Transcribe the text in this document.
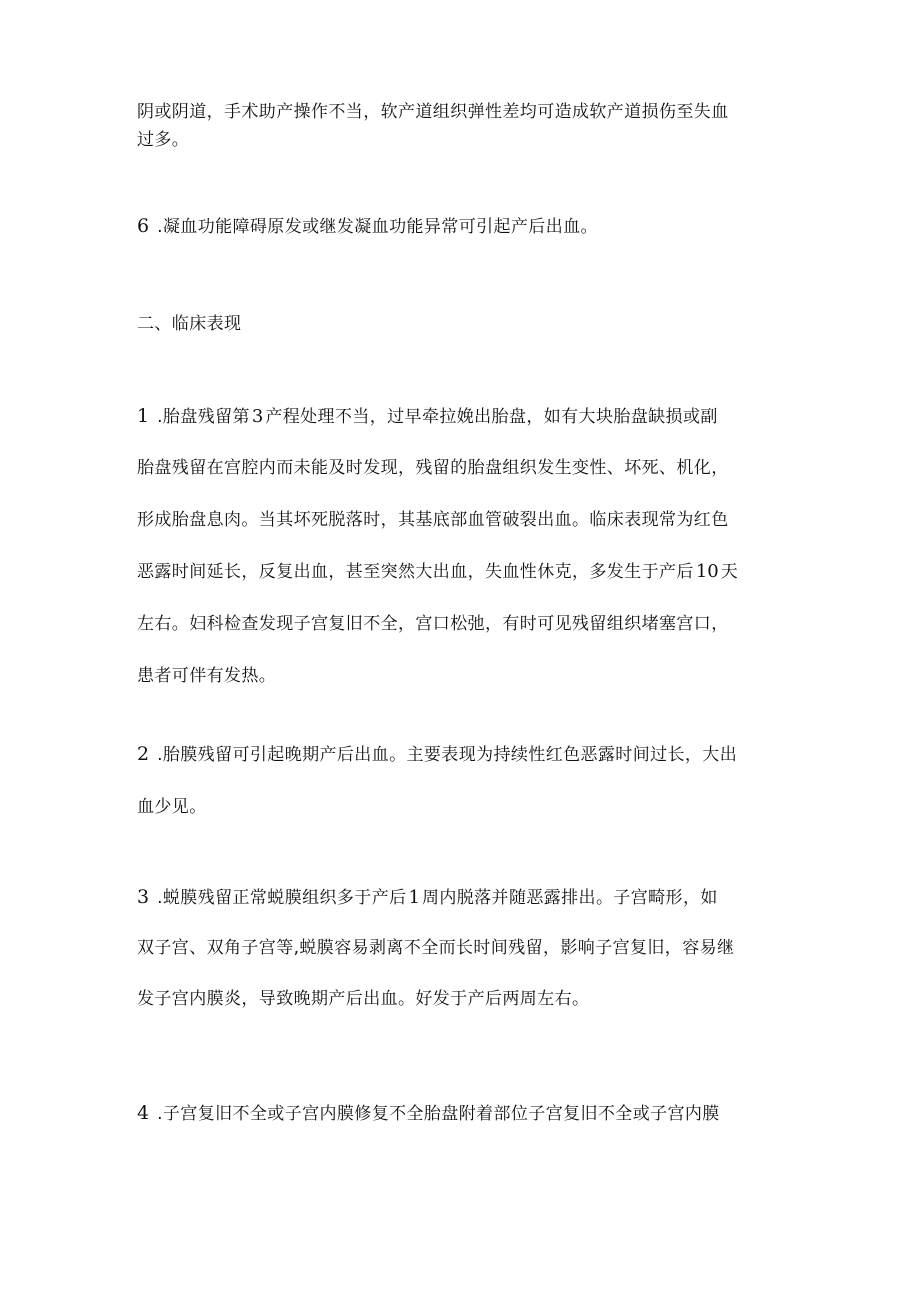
阴或阴道，手术助产操作不当，软产道组织弹性差均可造成软产道损伤至失血
过多。
6 .凝血功能障碍原发或继发凝血功能异常可引起产后出血。
二、临床表现
1 .胎盘残留第 3 产程处理不当，过早牵拉娩出胎盘，如有大块胎盘缺损或副
胎盘残留在宫腔内而未能及时发现，残留的胎盘组织发生变性、坏死、机化，
形成胎盘息肉。当其坏死脱落时，其基底部血管破裂出血。临床表现常为红色
恶露时间延长，反复出血，甚至突然大出血，失血性休克，多发生于产后 10 天
左右。妇科检查发现子宫复旧不全，宫口松弛，有时可见残留组织堵塞宫口，
患者可伴有发热。
2 .胎膜残留可引起晚期产后出血。主要表现为持续性红色恶露时间过长，大出
血少见。
3 .蜕膜残留正常蜕膜组织多于产后 1 周内脱落并随恶露排出。子宫畸形，如
双子宫、双角子宫等,蜕膜容易剥离不全而长时间残留，影响子宫复旧，容易继
发子宫内膜炎，导致晚期产后出血。好发于产后两周左右。
4 .子宫复旧不全或子宫内膜修复不全胎盘附着部位子宫复旧不全或子宫内膜
